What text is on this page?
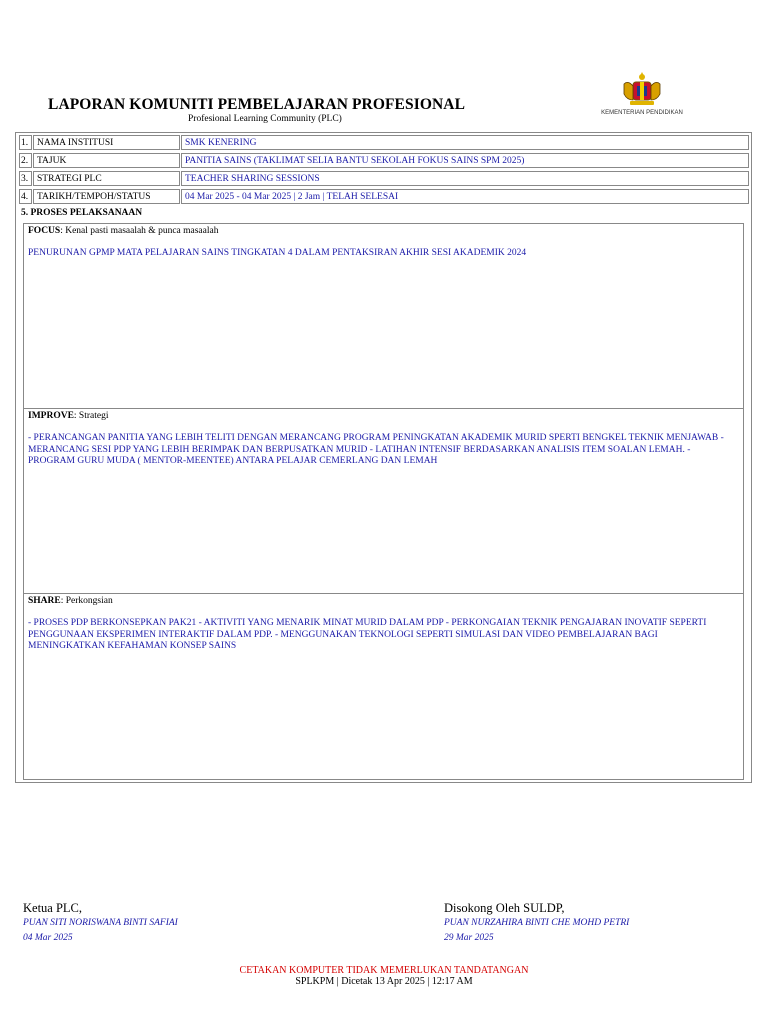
LAPORAN KOMUNITI PEMBELAJARAN PROFESIONAL
Profesional Learning Community (PLC)
KEMENTERIAN PENDIDIKAN
1. NAMA INSTITUSI	SMK KENERING
2. TAJUK	PANITIA SAINS (TAKLIMAT SELIA BANTU SEKOLAH FOKUS SAINS SPM 2025)
3. STRATEGI PLC	TEACHER SHARING SESSIONS
4. TARIKH/TEMPOH/STATUS	04 Mar 2025 - 04 Mar 2025 | 2 Jam | TELAH SELESAI
5. PROSES PELAKSANAAN
FOCUS: Kenal pasti masaalah & punca masaalah
PENURUNAN GPMP MATA PELAJARAN SAINS TINGKATAN 4 DALAM PENTAKSIRAN AKHIR SESI AKADEMIK 2024
IMPROVE: Strategi
- PERANCANGAN PANITIA YANG LEBIH TELITI DENGAN MERANCANG PROGRAM PENINGKATAN AKADEMIK MURID SPERTI BENGKEL TEKNIK MENJAWAB - MERANCANG SESI PDP YANG LEBIH BERIMPAK DAN BERPUSATKAN MURID - LATIHAN INTENSIF BERDASARKAN ANALISIS ITEM SOALAN LEMAH. - PROGRAM GURU MUDA ( MENTOR-MEENTEE) ANTARA PELAJAR CEMERLANG DAN LEMAH
SHARE: Perkongsian
- PROSES PDP BERKONSEPKAN PAK21 - AKTIVITI YANG MENARIK MINAT MURID DALAM PDP - PERKONGAIAN TEKNIK PENGAJARAN INOVATIF SEPERTI PENGGUNAAN EKSPERIMEN INTERAKTIF DALAM PDP. - MENGGUNAKAN TEKNOLOGI SEPERTI SIMULASI DAN VIDEO PEMBELAJARAN BAGI MENINGKATKAN KEFAHAMAN KONSEP SAINS
Ketua PLC,
PUAN SITI NORISWANA BINTI SAFIAI
04 Mar 2025
Disokong Oleh SULDP,
PUAN NURZAHIRA BINTI CHE MOHD PETRI
29 Mar 2025
CETAKAN KOMPUTER TIDAK MEMERLUKAN TANDATANGAN
SPLKPM | Dicetak 13 Apr 2025 | 12:17 AM
